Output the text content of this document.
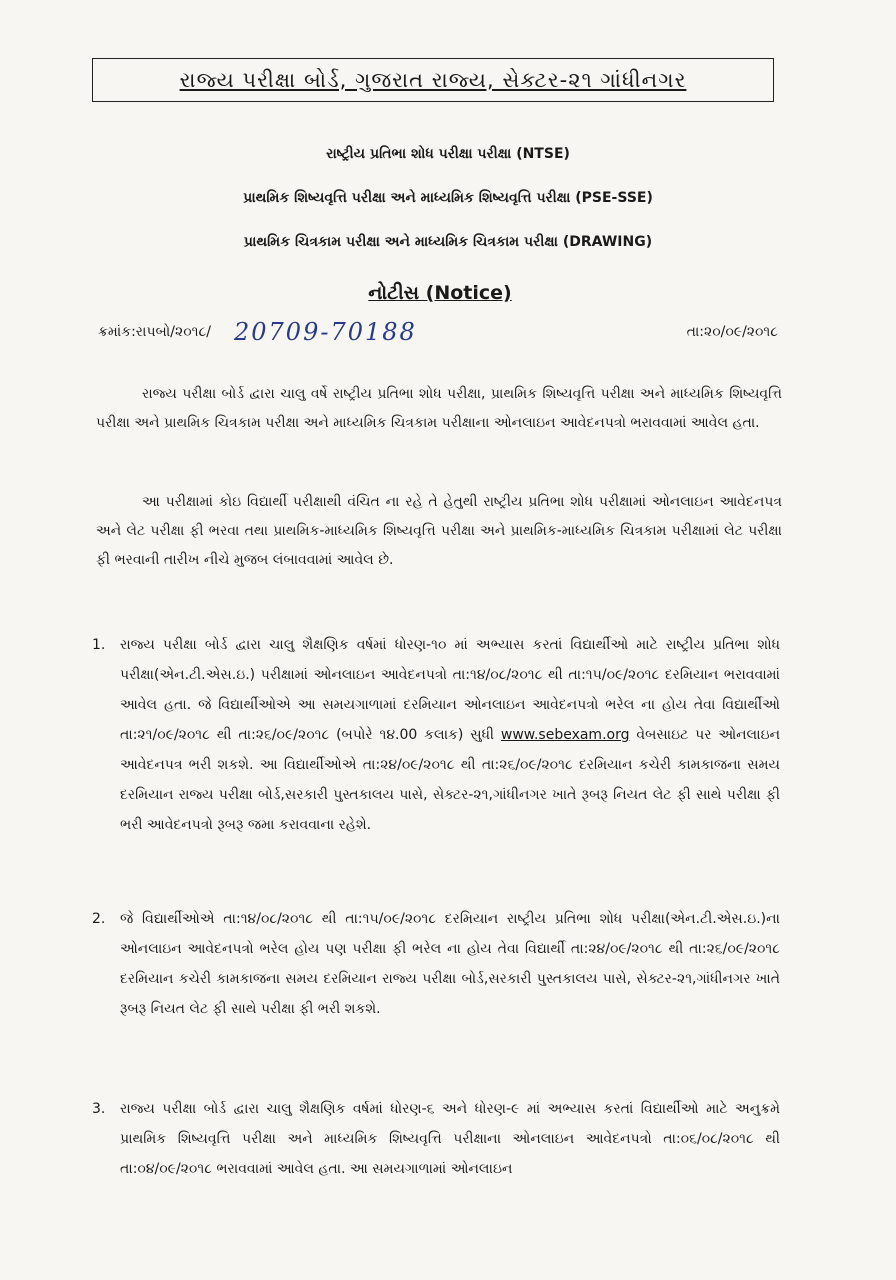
રાજ્ય પરીક્ષા બોર્ડ, ગુજરાત રાજ્ય, સેક્ટર-૨૧ ગાંધીનગર
રાષ્ટ્રીય પ્રતિભા શોધ પરીક્ષા પરીક્ષા (NTSE)
પ્રાથમિક શિષ્યવૃત્તિ પરીક્ષા અને માધ્યમિક શિષ્યવૃત્તિ પરીક્ષા (PSE-SSE)
પ્રાથમિક ચિત્રકામ પરીક્ષા અને માધ્યમિક ચિત્રકામ પરીક્ષા (DRAWING)
નોટીસ (Notice)
ક્રમાંક:રાપબો/૨૦૧૮/ 20709-70188	તા:૨૦/૦૯/૨૦૧૮

રાજ્ય પરીક્ષા બોર્ડ દ્વારા ચાલુ વર્ષે રાષ્ટ્રીય પ્રતિભા શોધ પરીક્ષા, પ્રાથમિક શિષ્યવૃત્તિ પરીક્ષા અને માધ્યમિક શિષ્યવૃત્તિ પરીક્ષા અને પ્રાથમિક ચિત્રકામ પરીક્ષા અને માધ્યમિક ચિત્રકામ પરીક્ષાના ઓનલાઇન આવેદનપત્રો ભરાવવામાં આવેલ હતા.

આ પરીક્ષામાં કોઇ વિદ્યાર્થી પરીક્ષાથી વંચિત ના રહે તે હેતુથી રાષ્ટ્રીય પ્રતિભા શોધ પરીક્ષામાં ઓનલાઇન આવેદનપત્ર અને લેટ પરીક્ષા ફી ભરવા તથા પ્રાથમિક-માધ્યમિક શિષ્યવૃત્તિ પરીક્ષા અને પ્રાથમિક-માધ્યમિક ચિત્રકામ પરીક્ષામાં લેટ પરીક્ષા ફી ભરવાની તારીખ નીચે મુજબ લંબાવવામાં આવેલ છે.

1. રાજ્ય પરીક્ષા બોર્ડ દ્વારા ચાલુ શૈક્ષણિક વર્ષમાં ધોરણ-૧૦ માં અભ્યાસ કરતાં વિદ્યાર્થીઓ માટે રાષ્ટ્રીય પ્રતિભા શોધ પરીક્ષા(એન.ટી.એસ.ઇ.) પરીક્ષામાં ઓનલાઇન આવેદનપત્રો તા:૧૪/૦૮/૨૦૧૮ થી તા:૧૫/૦૯/૨૦૧૮ દરમિયાન ભરાવવામાં આવેલ હતા. જે વિદ્યાર્થીઓએ આ સમયગાળામાં દરમિયાન ઓનલાઇન આવેદનપત્રો ભરેલ ના હોય તેવા વિદ્યાર્થીઓ તા:૨૧/૦૯/૨૦૧૮ થી તા:૨૬/૦૯/૨૦૧૮ (બપોરે ૧૪.00 કલાક) સુધી www.sebexam.org વેબસાઇટ પર ઓનલાઇન આવેદનપત્ર ભરી શકશે. આ વિદ્યાર્થીઓએ તા:૨૪/૦૯/૨૦૧૮ થી તા:૨૬/૦૯/૨૦૧૮ દરમિયાન કચેરી કામકાજના સમય દરમિયાન રાજ્ય પરીક્ષા બોર્ડ,સરકારી પુસ્તકાલય પાસે, સેક્ટર-૨૧,ગાંધીનગર ખાતે રૂબરૂ નિયત લેટ ફી સાથે પરીક્ષા ફી ભરી આવેદનપત્રો રૂબરૂ જમા કરાવવાના રહેશે.
2. જે વિદ્યાર્થીઓએ તા:૧૪/૦૮/૨૦૧૮ થી તા:૧૫/૦૯/૨૦૧૮ દરમિયાન રાષ્ટ્રીય પ્રતિભા શોધ પરીક્ષા(એન.ટી.એસ.ઇ.)ના ઓનલાઇન આવેદનપત્રો ભરેલ હોય પણ પરીક્ષા ફી ભરેલ ના હોય તેવા વિદ્યાર્થી તા:૨૪/૦૯/૨૦૧૮ થી તા:૨૬/૦૯/૨૦૧૮ દરમિયાન કચેરી કામકાજના સમય દરમિયાન રાજ્ય પરીક્ષા બોર્ડ,સરકારી પુસ્તકાલય પાસે, સેક્ટર-૨૧,ગાંધીનગર ખાતે રૂબરૂ નિયત લેટ ફી સાથે પરીક્ષા ફી ભરી શકશે.
3. રાજ્ય પરીક્ષા બોર્ડ દ્વારા ચાલુ શૈક્ષણિક વર્ષમાં ધોરણ-૬ અને ધોરણ-૯ માં અભ્યાસ કરતાં વિદ્યાર્થીઓ માટે અનુક્રમે પ્રાથમિક શિષ્યવૃત્તિ પરીક્ષા અને માધ્યમિક શિષ્યવૃત્તિ પરીક્ષાના ઓનલાઇન આવેદનપત્રો તા:૦૬/૦૮/૨૦૧૮ થી તા:૦૪/૦૯/૨૦૧૮ ભરાવવામાં આવેલ હતા. આ સમયગાળામાં ઓનલાઇન
